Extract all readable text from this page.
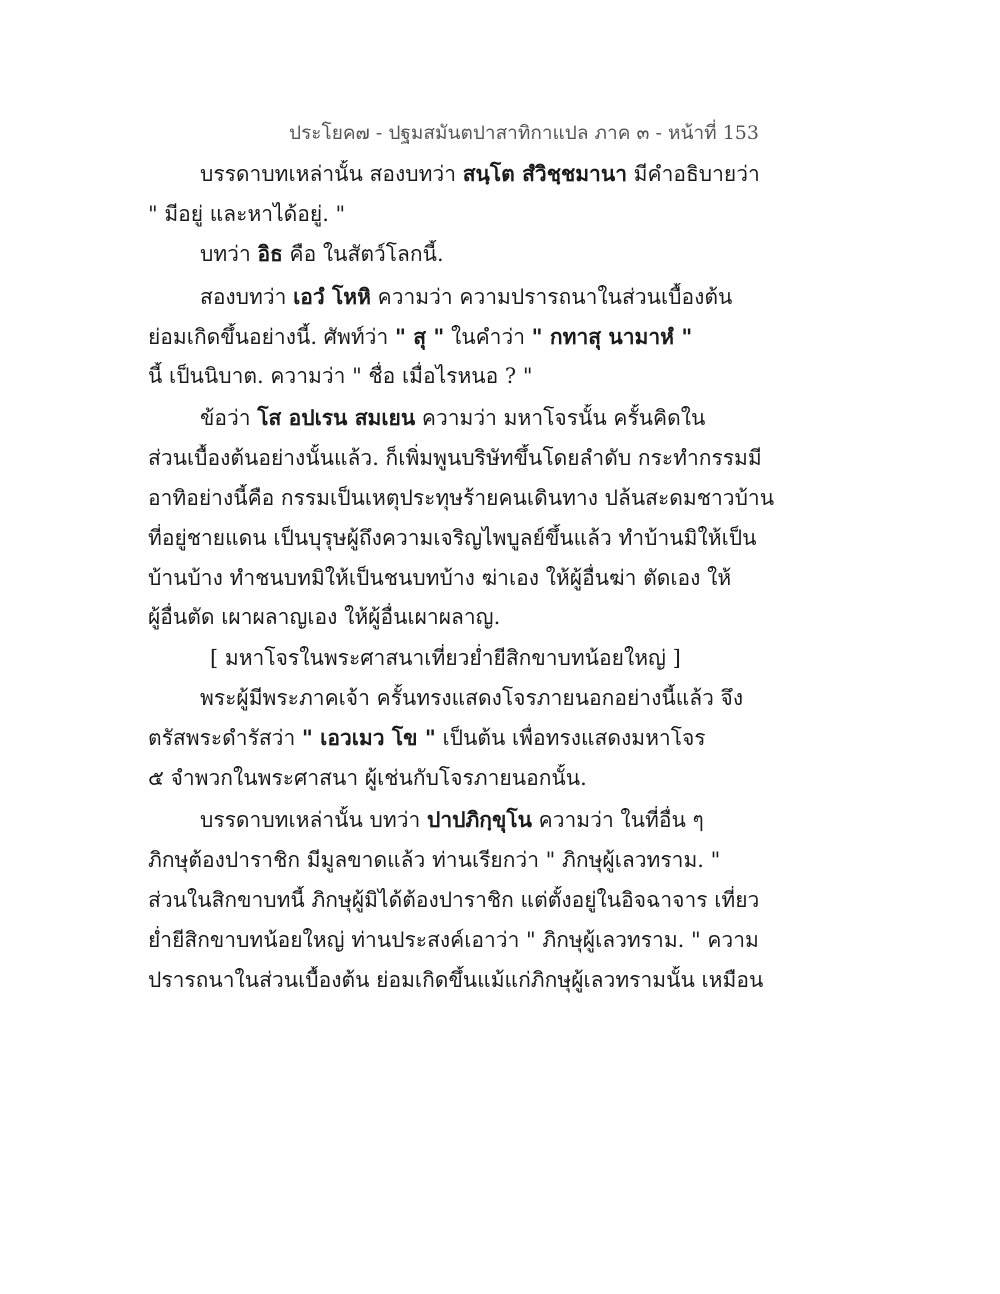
ประโยค๗ - ปฐมสมันตปาสาทิกาแปล ภาค ๓ - หน้าที่ 153
บรรดาบทเหล่านั้น สองบทว่า สนฺโต สํวิชฺชมานา มีคำอธิบายว่า
" มีอยู่ และหาได้อยู่. "
บทว่า อิธ คือ ในสัตว์โลกนี้.
สองบทว่า เอวํ โหหิ ความว่า ความปรารถนาในส่วนเบื้องต้น
ย่อมเกิดขึ้นอย่างนี้. ศัพท์ว่า " สุ " ในคำว่า " กทาสุ นามาหํ "
นี้ เป็นนิบาต. ความว่า " ชื่อ เมื่อไรหนอ ? "
ข้อว่า โส อปเรน สมเยน ความว่า มหาโจรนั้น ครั้นคิดใน
ส่วนเบื้องต้นอย่างนั้นแล้ว. ก็เพิ่มพูนบริษัทขึ้นโดยลำดับ กระทำกรรมมี
อาทิอย่างนี้คือ กรรมเป็นเหตุประทุษร้ายคนเดินทาง ปล้นสะดมชาวบ้าน
ที่อยู่ชายแดน เป็นบุรุษผู้ถึงความเจริญไพบูลย์ขึ้นแล้ว ทำบ้านมิให้เป็น
บ้านบ้าง ทำชนบทมิให้เป็นชนบทบ้าง ฆ่าเอง ให้ผู้อื่นฆ่า ตัดเอง ให้
ผู้อื่นตัด เผาผลาญเอง ให้ผู้อื่นเผาผลาญ.
[ มหาโจรในพระศาสนาเที่ยวย่ำยีสิกขาบทน้อยใหญ่ ]
พระผู้มีพระภาคเจ้า ครั้นทรงแสดงโจรภายนอกอย่างนี้แล้ว จึง
ตรัสพระดำรัสว่า " เอวเมว โข " เป็นต้น เพื่อทรงแสดงมหาโจร
๕ จำพวกในพระศาสนา ผู้เช่นกับโจรภายนอกนั้น.
บรรดาบทเหล่านั้น บทว่า ปาปภิกฺขุโน ความว่า ในที่อื่น ๆ
ภิกษุต้องปาราชิก มีมูลขาดแล้ว ท่านเรียกว่า " ภิกษุผู้เลวทราม. "
ส่วนในสิกขาบทนี้ ภิกษุผู้มิได้ต้องปาราชิก แต่ตั้งอยู่ในอิจฉาจาร เที่ยว
ย่ำยีสิกขาบทน้อยใหญ่ ท่านประสงค์เอาว่า " ภิกษุผู้เลวทราม. " ความ
ปรารถนาในส่วนเบื้องต้น ย่อมเกิดขึ้นแม้แก่ภิกษุผู้เลวทรามนั้น เหมือน
